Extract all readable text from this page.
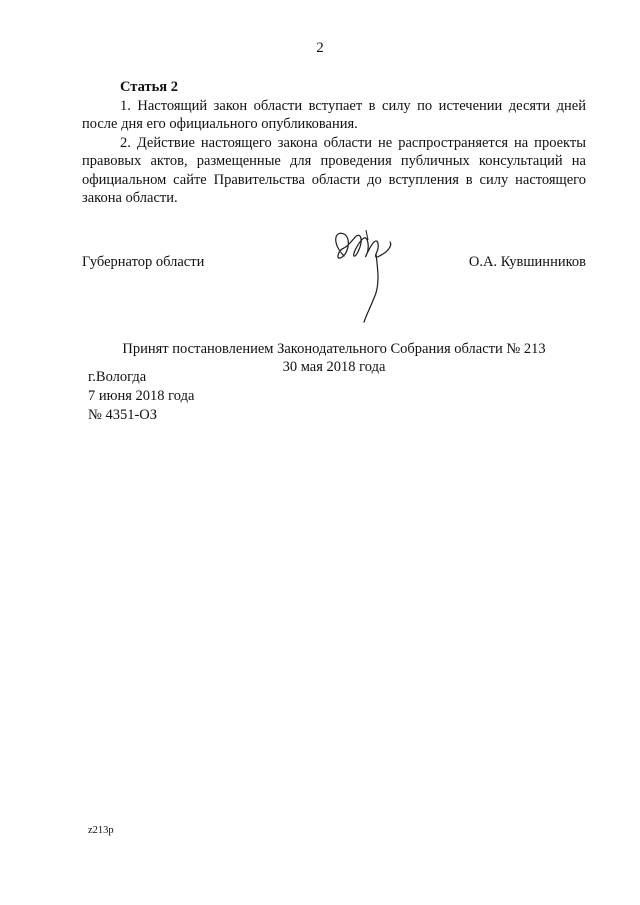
2

Статья 2

1. Настоящий закон области вступает в силу по истечении десяти дней после дня его официального опубликования.

2. Действие настоящего закона области не распространяется на проекты правовых актов, размещенные для проведения публичных консультаций на официальном сайте Правительства области до вступления в силу настоящего закона области.

Губернатор области	О.А. Кувшинников
Принят постановлением Законодательного Собрания области № 213
30 мая 2018 года
г.Вологда
7 июня 2018 года
№ 4351-ОЗ
z213p
